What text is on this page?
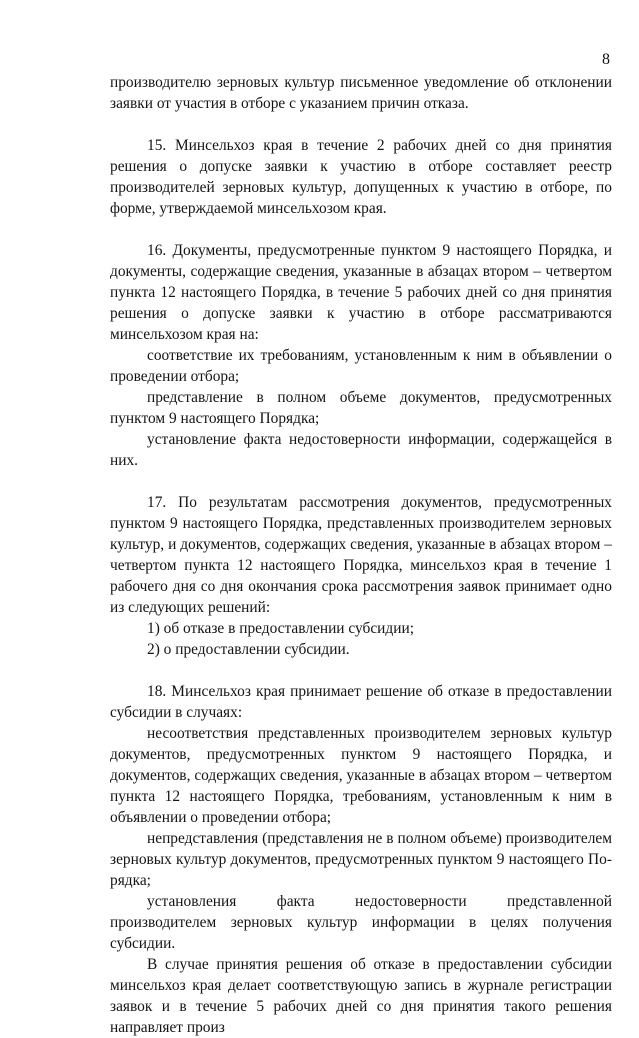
8

производителю зерновых культур письменное уведомление об отклонении заявки от участия в отборе с указанием причин отказа.

15. Минсельхоз края в течение 2 рабочих дней со дня принятия решения о допуске заявки к участию в отборе составляет реестр производителей зерновых культур, допущенных к участию в отборе, по форме, утверждаемой минсельхозом края.

16. Документы, предусмотренные пунктом 9 настоящего Порядка, и документы, содержащие сведения, указанные в абзацах втором – четвертом пункта 12 настоящего Порядка, в течение 5 рабочих дней со дня принятия решения о допуске заявки к участию в отборе рассматриваются минсельхозом края на:

соответствие их требованиям, установленным к ним в объявлении о проведении отбора;

представление в полном объеме документов, предусмотренных пунктом 9 настоящего Порядка;

установление факта недостоверности информации, содержащейся в них.

17. По результатам рассмотрения документов, предусмотренных пунктом 9 настоящего Порядка, представленных производителем зерновых культур, и документов, содержащих сведения, указанные в абзацах втором – четвертом пункта 12 настоящего Порядка, минсельхоз края в течение 1 рабочего дня со дня окончания срока рассмотрения заявок принимает одно из следующих решений:

1) об отказе в предоставлении субсидии;

2) о предоставлении субсидии.

18. Минсельхоз края принимает решение об отказе в предоставлении субсидии в случаях:

несоответствия представленных производителем зерновых культур документов, предусмотренных пунктом 9 настоящего Порядка, и документов, содержащих сведения, указанные в абзацах втором – четвертом пункта 12 настоящего Порядка, требованиям, установленным к ним в объявлении о проведении отбора;

непредставления (представления не в полном объеме) производителем зерновых культур документов, предусмотренных пунктом 9 настоящего Порядка;

установления факта недостоверности представленной производителем зерновых культур информации в целях получения субсидии.

В случае принятия решения об отказе в предоставлении субсидии минсельхоз края делает соответствующую запись в журнале регистрации заявок и в течение 5 рабочих дней со дня принятия такого решения направляет произ
